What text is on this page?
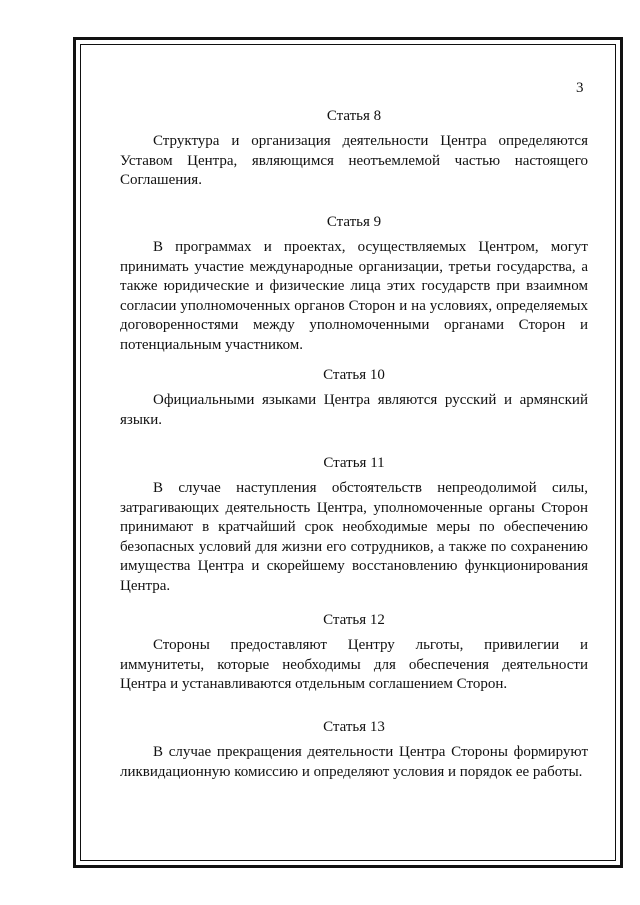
3
Статья 8

Структура и организация деятельности Центра определяются Уставом Центра, являющимся неотъемлемой частью настоящего Соглашения.

Статья 9

В программах и проектах, осуществляемых Центром, могут принимать участие международные организации, третьи государства, а также юридические и физические лица этих государств при взаимном согласии уполномоченных органов Сторон и на условиях, определяемых договоренностями между уполномоченными органами Сторон и потенциальным участником.

Статья 10

Официальными языками Центра являются русский и армянский языки.

Статья 11

В случае наступления обстоятельств непреодолимой силы, затрагивающих деятельность Центра, уполномоченные органы Сторон принимают в кратчайший срок необходимые меры по обеспечению безопасных условий для жизни его сотрудников, а также по сохранению имущества Центра и скорейшему восстановлению функционирования Центра.

Статья 12

Стороны предоставляют Центру льготы, привилегии и иммунитеты, которые необходимы для обеспечения деятельности Центра и устанавливаются отдельным соглашением Сторон.

Статья 13

В случае прекращения деятельности Центра Стороны формируют ликвидационную комиссию и определяют условия и порядок ее работы.
